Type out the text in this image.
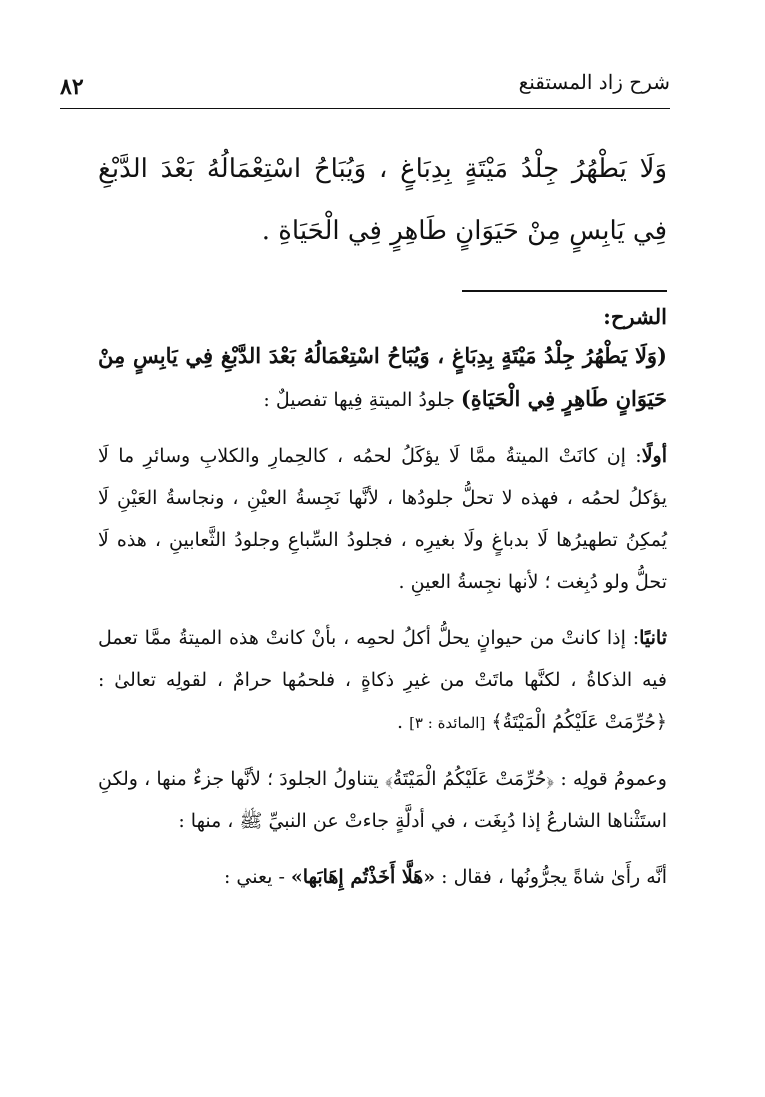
شرح زاد المستقنع
٨٢

وَلَا يَطْهُرُ جِلْدُ مَيْتَةٍ بِدِبَاغٍ ، وَيُبَاحُ اسْتِعْمَالُهُ بَعْدَ الدَّبْغِ فِي يَابِسٍ مِنْ حَيَوَانٍ طَاهِرٍ فِي الْحَيَاةِ .

الشرح:

(وَلَا يَطْهُرُ جِلْدُ مَيْتَةٍ بِدِبَاغٍ ، وَيُبَاحُ اسْتِعْمَالُهُ بَعْدَ الدَّبْغِ فِي يَابِسٍ مِنْ حَيَوَانٍ طَاهِرٍ فِي الْحَيَاةِ) جلودُ الميتةِ فِيها تفصيلٌ :

أولًا: إن كانَتْ الميتةُ ممَّا لَا يؤكَلُ لحمُه ، كالحِمارِ والكلابِ وسائرِ ما لَا يؤكلُ لحمُه ، فهذه لا تحلُّ جلودُها ، لأنَّها نَجِسةُ العيْنِ ، ونجاسةُ العَيْنِ لَا يُمكِنُ تطهيرُها لَا بدباغٍ ولَا بغيرِه ، فجلودُ السِّباعِ وجلودُ الثَّعابينِ ، هذه لَا تحلُّ ولو دُبِغت ؛ لأنها نجِسةُ العينِ .

ثانيًا: إذا كانتْ من حيوانٍ يحلُّ أكلُ لحمِه ، بأنْ كانتْ هذه الميتةُ ممَّا تعمل فيه الذكاةُ ، لكنَّها ماتَتْ من غيرِ ذكاةٍ ، فلحمُها حرامٌ ، لقولِه تعالىٰ : ﴿حُرِّمَتْ عَلَيْكُمُ الْمَيْتَةُ﴾ [المائدة : ٣] .

وعمومُ قولِه : ﴿حُرِّمَتْ عَلَيْكُمُ الْمَيْتَةُ﴾ يتناولُ الجلودَ ؛ لأنَّها جزءٌ منها ، ولكنِ استَثْناها الشارعُ إذا دُبِغَت ، في أدلَّةٍ جاءتْ عن النبيِّ ﷺ ، منها :

أنَّه رأَىٰ شاةً يجرُّونُها ، فقال : «هَلَّا أَخَذْتُم إِهَابَها» - يعني :
